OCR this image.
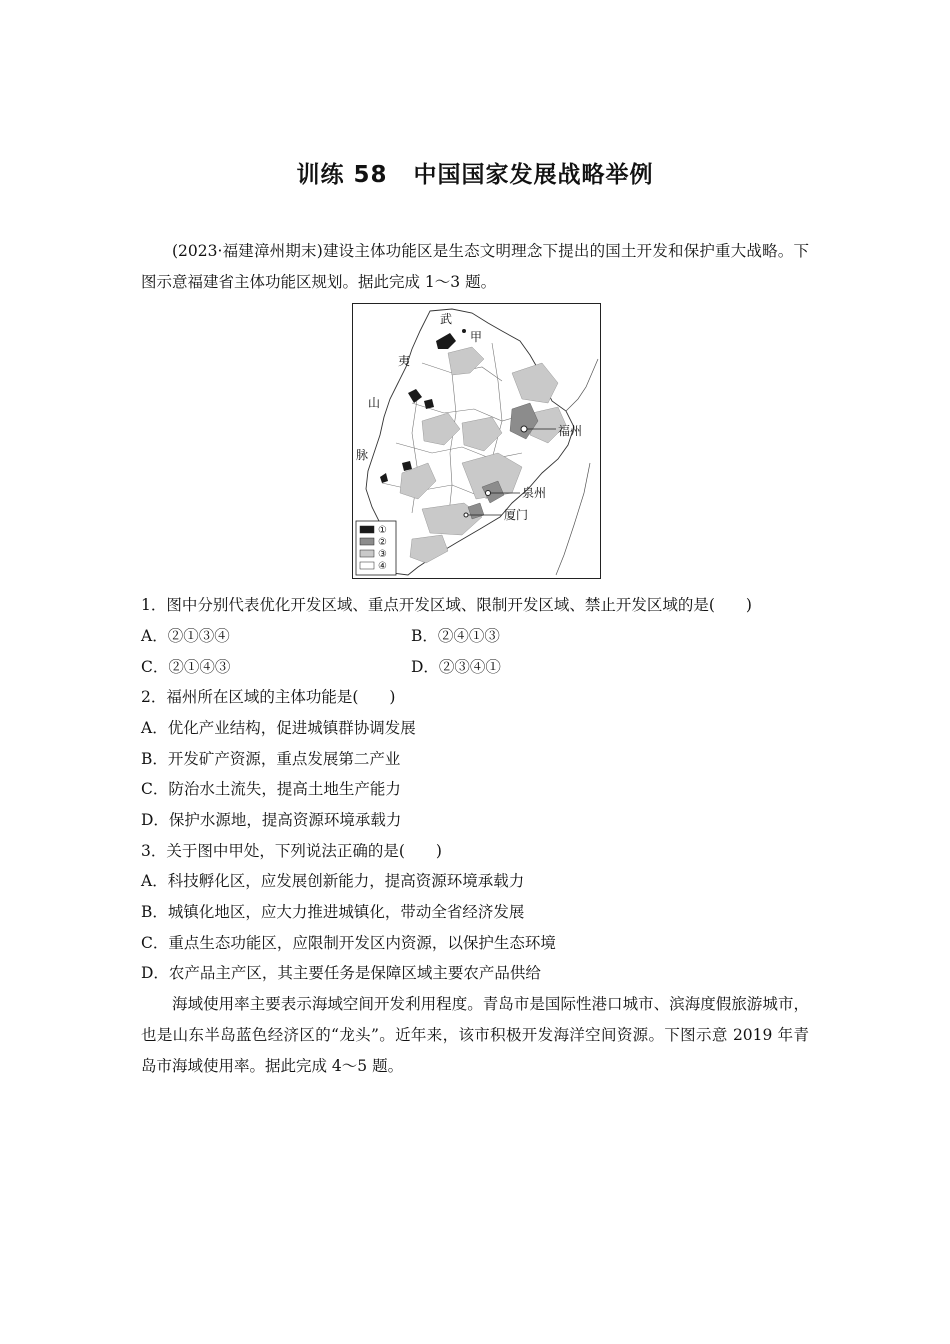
训练 58 中国国家发展战略举例
(2023·福建漳州期末)建设主体功能区是生态文明理念下提出的国土开发和保护重大战略。下图示意福建省主体功能区规划。据此完成 1～3 题。
武
甲
夷
山
脉
福州
泉州
厦门
①
②
③
④
1．图中分别代表优化开发区域、重点开发区域、限制开发区域、禁止开发区域的是(　　)
A．②①③④	B．②④①③
C．②①④③	D．②③④①
2．福州所在区域的主体功能是(　　)
A．优化产业结构，促进城镇群协调发展
B．开发矿产资源，重点发展第二产业
C．防治水土流失，提高土地生产能力
D．保护水源地，提高资源环境承载力
3．关于图中甲处，下列说法正确的是(　　)
A．科技孵化区，应发展创新能力，提高资源环境承载力
B．城镇化地区，应大力推进城镇化，带动全省经济发展
C．重点生态功能区，应限制开发区内资源，以保护生态环境
D．农产品主产区，其主要任务是保障区域主要农产品供给
海域使用率主要表示海域空间开发利用程度。青岛市是国际性港口城市、滨海度假旅游城市，也是山东半岛蓝色经济区的“龙头”。近年来，该市积极开发海洋空间资源。下图示意 2019 年青岛市海域使用率。据此完成 4～5 题。
